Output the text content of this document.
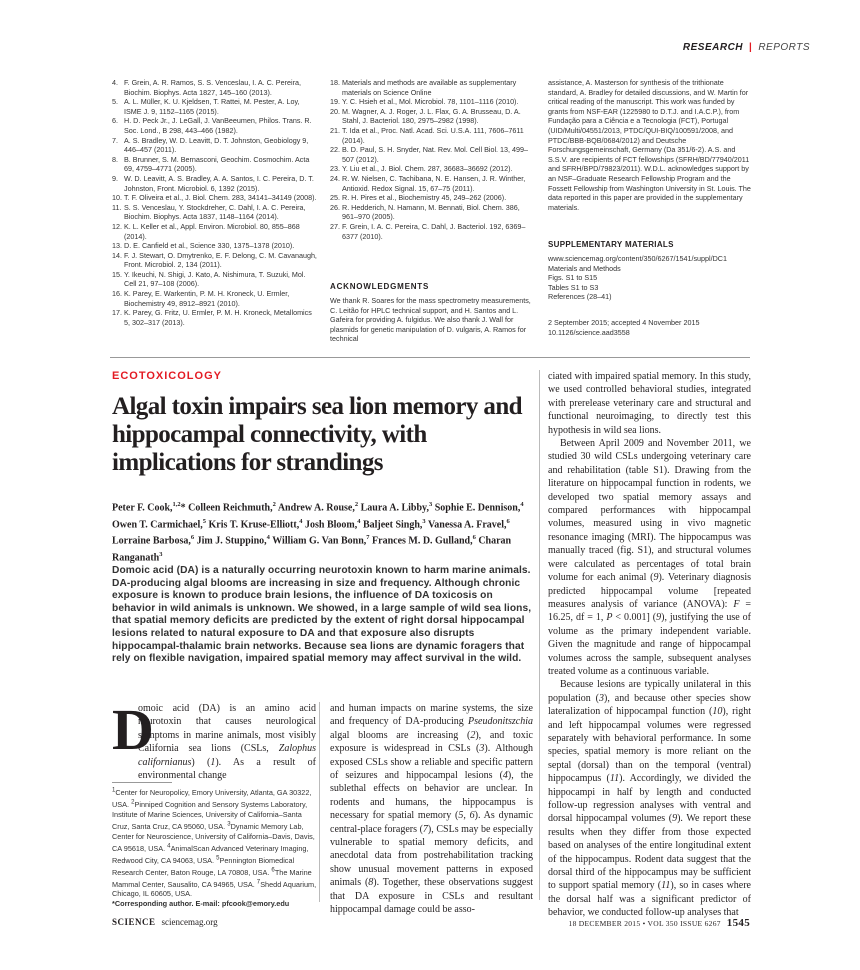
RESEARCH | REPORTS
4. F. Grein, A. R. Ramos, S. S. Venceslau, I. A. C. Pereira, Biochim. Biophys. Acta 1827, 145–160 (2013).
5. A. L. Müller, K. U. Kjeldsen, T. Rattei, M. Pester, A. Loy, ISME J. 9, 1152–1165 (2015).
6. H. D. Peck Jr., J. LeGall, J. VanBeeumen, Philos. Trans. R. Soc. Lond., B 298, 443–466 (1982).
7. A. S. Bradley, W. D. Leavitt, D. T. Johnston, Geobiology 9, 446–457 (2011).
8. B. Brunner, S. M. Bernasconi, Geochim. Cosmochim. Acta 69, 4759–4771 (2005).
9. W. D. Leavitt, A. S. Bradley, A. A. Santos, I. C. Pereira, D. T. Johnston, Front. Microbiol. 6, 1392 (2015).
10. T. F. Oliveira et al., J. Biol. Chem. 283, 34141–34149 (2008).
11. S. S. Venceslau, Y. Stockdreher, C. Dahl, I. A. C. Pereira, Biochim. Biophys. Acta 1837, 1148–1164 (2014).
12. K. L. Keller et al., Appl. Environ. Microbiol. 80, 855–868 (2014).
13. D. E. Canfield et al., Science 330, 1375–1378 (2010).
14. F. J. Stewart, O. Dmytrenko, E. F. Delong, C. M. Cavanaugh, Front. Microbiol. 2, 134 (2011).
15. Y. Ikeuchi, N. Shigi, J. Kato, A. Nishimura, T. Suzuki, Mol. Cell 21, 97–108 (2006).
16. K. Parey, E. Warkentin, P. M. H. Kroneck, U. Ermler, Biochemistry 49, 8912–8921 (2010).
17. K. Parey, G. Fritz, U. Ermler, P. M. H. Kroneck, Metallomics 5, 302–317 (2013).
18. Materials and methods are available as supplementary materials on Science Online
19. Y. C. Hsieh et al., Mol. Microbiol. 78, 1101–1116 (2010).
20. M. Wagner, A. J. Roger, J. L. Flax, G. A. Brusseau, D. A. Stahl, J. Bacteriol. 180, 2975–2982 (1998).
21. T. Ida et al., Proc. Natl. Acad. Sci. U.S.A. 111, 7606–7611 (2014).
22. B. D. Paul, S. H. Snyder, Nat. Rev. Mol. Cell Biol. 13, 499–507 (2012).
23. Y. Liu et al., J. Biol. Chem. 287, 36683–36692 (2012).
24. R. W. Nielsen, C. Tachibana, N. E. Hansen, J. R. Winther, Antioxid. Redox Signal. 15, 67–75 (2011).
25. R. H. Pires et al., Biochemistry 45, 249–262 (2006).
26. R. Hedderich, N. Hamann, M. Bennati, Biol. Chem. 386, 961–970 (2005).
27. F. Grein, I. A. C. Pereira, C. Dahl, J. Bacteriol. 192, 6369–6377 (2010).
ACKNOWLEDGMENTS
We thank R. Soares for the mass spectrometry measurements, C. Leitão for HPLC technical support, and H. Santos and L. Gafeira for providing A. fulgidus. We also thank J. Wall for plasmids for genetic manipulation of D. vulgaris, A. Ramos for technical
assistance, A. Masterson for synthesis of the trithionate standard, A. Bradley for detailed discussions, and W. Martin for critical reading of the manuscript. This work was funded by grants from NSF-EAR (1225980 to D.T.J. and I.A.C.P.), from Fundação para a Ciência e a Tecnologia (FCT), Portugal (UID/Multi/04551/2013, PTDC/QUI-BIQ/100591/2008, and PTDC/BBB-BQB/0684/2012) and Deutsche Forschungsgemeinschaft, Germany (Da 351/6-2). A.S. and S.S.V. are recipients of FCT fellowships (SFRH/BD/77940/2011 and SFRH/BPD/79823/2011). W.D.L. acknowledges support by an NSF–Graduate Research Fellowship Program and the Fossett Fellowship from Washington University in St. Louis. The data reported in this paper are provided in the supplementary materials.
SUPPLEMENTARY MATERIALS
www.sciencemag.org/content/350/6267/1541/suppl/DC1
Materials and Methods
Figs. S1 to S15
Tables S1 to S3
References (28–41)
2 September 2015; accepted 4 November 2015
10.1126/science.aad3558
ECOTOXICOLOGY
Algal toxin impairs sea lion memory and hippocampal connectivity, with implications for strandings
Peter F. Cook,$^{1,2}$* Colleen Reichmuth,$^2$ Andrew A. Rouse,$^2$ Laura A. Libby,$^3$ Sophie E. Dennison,$^4$ Owen T. Carmichael,$^5$ Kris T. Kruse-Elliott,$^4$ Josh Bloom,$^4$ Baljeet Singh,$^3$ Vanessa A. Fravel,$^6$ Lorraine Barbosa,$^6$ Jim J. Stuppino,$^4$ William G. Van Bonn,$^7$ Frances M. D. Gulland,$^6$ Charan Ranganath$^3$
Domoic acid (DA) is a naturally occurring neurotoxin known to harm marine animals. DA-producing algal blooms are increasing in size and frequency. Although chronic exposure is known to produce brain lesions, the influence of DA toxicosis on behavior in wild animals is unknown. We showed, in a large sample of wild sea lions, that spatial memory deficits are predicted by the extent of right dorsal hippocampal lesions related to natural exposure to DA and that exposure also disrupts hippocampal-thalamic brain networks. Because sea lions are dynamic foragers that rely on flexible navigation, impaired spatial memory may affect survival in the wild.
D
omoic acid (DA) is an amino acid neurotoxin that causes neurological symptoms in marine animals, most visibly California sea lions (CSLs, Zalophus californianus) (1). As a result of environmental change
$^1$Center for Neuropolicy, Emory University, Atlanta, GA 30322, USA. $^2$Pinniped Cognition and Sensory Systems Laboratory, Institute of Marine Sciences, University of California–Santa Cruz, Santa Cruz, CA 95060, USA. $^3$Dynamic Memory Lab, Center for Neuroscience, University of California–Davis, Davis, CA 95618, USA. $^4$AnimalScan Advanced Veterinary Imaging, Redwood City, CA 94063, USA. $^5$Pennington Biomedical Research Center, Baton Rouge, LA 70808, USA. $^6$The Marine Mammal Center, Sausalito, CA 94965, USA. $^7$Shedd Aquarium, Chicago, IL 60605, USA.
*Corresponding author. E-mail: pfcook@emory.edu

and human impacts on marine systems, the size and frequency of DA-producing Pseudonitszchia algal blooms are increasing (2), and toxic exposure is widespread in CSLs (3). Although exposed CSLs show a reliable and specific pattern of seizures and hippocampal lesions (4), the sublethal effects on behavior are unclear. In rodents and humans, the hippocampus is necessary for spatial memory (5, 6). As dynamic central-place foragers (7), CSLs may be especially vulnerable to spatial memory deficits, and anecdotal data from postrehabilitation tracking show unusual movement patterns in exposed animals (8). Together, these observations suggest that DA exposure in CSLs and resultant hippocampal damage could be asso-

ciated with impaired spatial memory. In this study, we used controlled behavioral studies, integrated with prerelease veterinary care and structural and functional neuroimaging, to directly test this hypothesis in wild sea lions.

Between April 2009 and November 2011, we studied 30 wild CSLs undergoing veterinary care and rehabilitation (table S1). Drawing from the literature on hippocampal function in rodents, we developed two spatial memory assays and compared performances with hippocampal volumes, measured using in vivo magnetic resonance imaging (MRI). The hippocampus was manually traced (fig. S1), and structural volumes were calculated as percentages of total brain volume for each animal (9). Veterinary diagnosis predicted hippocampal volume [repeated measures analysis of variance (ANOVA): F = 16.25, df = 1, P < 0.001] (9), justifying the use of volume as the primary independent variable. Given the magnitude and range of hippocampal volumes across the sample, subsequent analyses treated volume as a continuous variable.

Because lesions are typically unilateral in this population (3), and because other species show lateralization of hippocampal function (10), right and left hippocampal volumes were regressed separately with behavioral performance. In some species, spatial memory is more reliant on the septal (dorsal) than on the temporal (ventral) hippocampus (11). Accordingly, we divided the hippocampi in half by length and conducted follow-up regression analyses with ventral and dorsal hippocampal volumes (9). We report these results when they differ from those expected based on analyses of the entire longitudinal extent of the hippocampus. Rodent data suggest that the dorsal third of the hippocampus may be sufficient to support spatial memory (11), so in cases where the dorsal half was a significant predictor of behavior, we conducted follow-up analyses that

SCIENCE sciencemag.org	18 DECEMBER 2015 • VOL 350 ISSUE 6267 1545
